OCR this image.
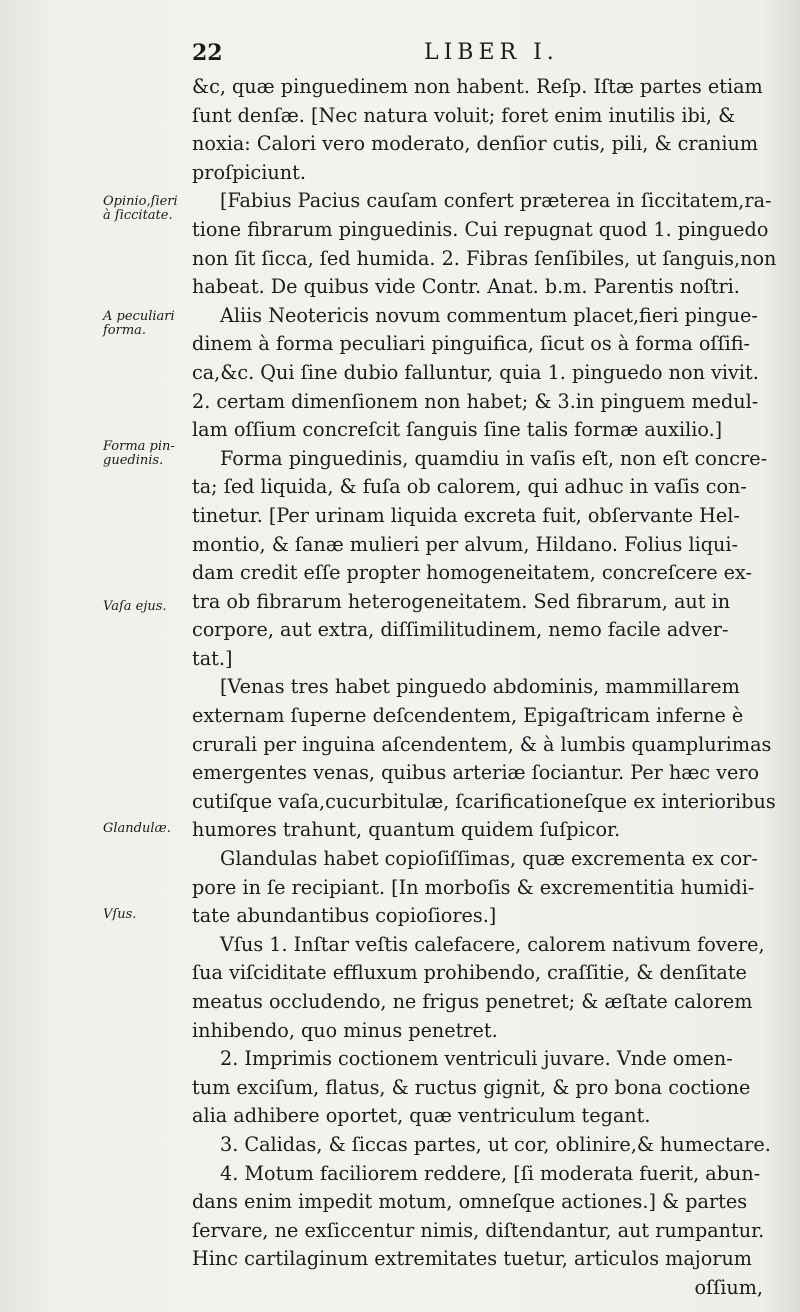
22	LIBER I.
&c, quæ pinguedinem non habent. Reſp. Iſtæ partes etiam
ſunt denſæ. [Nec natura voluit; foret enim inutilis ibi, &
noxia: Calori vero moderato, denſior cutis, pili, & cranium
proſpiciunt.
[Fabius Pacius cauſam confert præterea in ſiccitatem,ra-
tione fibrarum pinguedinis. Cui repugnat quod 1. pinguedo
non ſit ſicca, ſed humida. 2. Fibras ſenſibiles, ut ſanguis,non
habeat. De quibus vide Contr. Anat. b.m. Parentis noſtri.
Aliis Neotericis novum commentum placet,fieri pingue-
dinem à forma peculiari pinguifica, ſicut os à forma oſſifi-
ca,&c. Qui ſine dubio falluntur, quia 1. pinguedo non vivit.
2. certam dimenſionem non habet; & 3.in pinguem medul-
lam oſſium concreſcit ſanguis ſine talis formæ auxilio.]
Forma pinguedinis, quamdiu in vaſis eſt, non eſt concre-
ta; ſed liquida, & fuſa ob calorem, qui adhuc in vaſis con-
tinetur. [Per urinam liquida excreta fuit, obſervante Hel-
montio, & ſanæ mulieri per alvum, Hildano. Folius liqui-
dam credit eſſe propter homogeneitatem, concreſcere ex-
tra ob fibrarum heterogeneitatem. Sed fibrarum, aut in
corpore, aut extra, diſſimilitudinem, nemo facile adver-
tat.]
[Venas tres habet pinguedo abdominis, mammillarem
externam ſuperne deſcendentem, Epigaſtricam inferne è
crurali per inguina aſcendentem, & à lumbis quamplurimas
emergentes venas, quibus arteriæ ſociantur. Per hæc vero
cutiſque vaſa,cucurbitulæ, ſcarificationeſque ex interioribus
humores trahunt, quantum quidem ſuſpicor.
Glandulas habet copioſiſſimas, quæ excrementa ex cor-
pore in ſe recipiant. [In morboſis & excrementitia humidi-
tate abundantibus copioſiores.]
Vſus 1. Inſtar veſtis calefacere, calorem nativum fovere,
ſua viſciditate effluxum prohibendo, craſſitie, & denſitate
meatus occludendo, ne frigus penetret; & æſtate calorem
inhibendo, quo minus penetret.
2. Imprimis coctionem ventriculi juvare. Vnde omen-
tum exciſum, flatus, & ructus gignit, & pro bona coctione
alia adhibere oportet, quæ ventriculum tegant.
3. Calidas, & ſiccas partes, ut cor, oblinire,& humectare.
4. Motum faciliorem reddere, [ſi moderata fuerit, abun-
dans enim impedit motum, omneſque actiones.] & partes
ſervare, ne exſiccentur nimis, diſtendantur, aut rumpantur.
Hinc cartilaginum extremitates tuetur, articulos majorum
oſſium,
Opinio,ſieri
à ſiccitate.
A peculiari
forma.
Forma pin-
guedinis.
Vaſa ejus.
Glandulæ.
Vſus.
